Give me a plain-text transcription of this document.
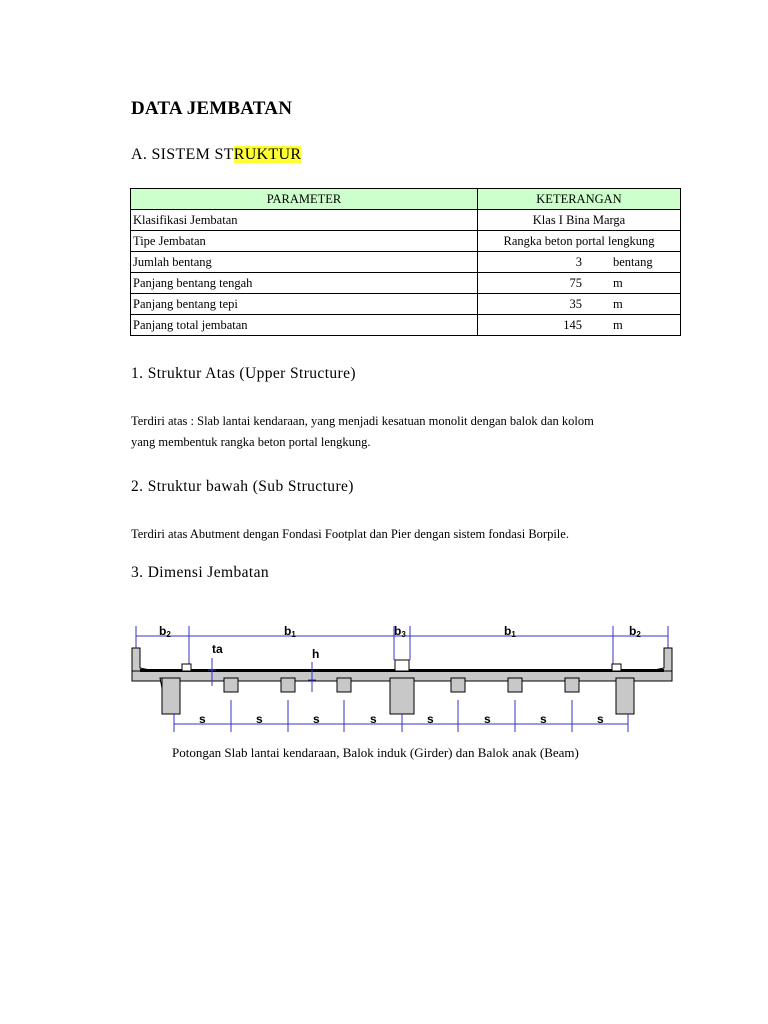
DATA JEMBATAN
A. SISTEM STRUKTUR
PARAMETER	KETERANGAN
Klasifikasi Jembatan	Klas I Bina Marga
Tipe Jembatan	Rangka beton portal lengkung
Jumlah bentang	3 bentang

Panjang bentang tengah	75 m

Panjang bentang tepi	35 m

Panjang total jembatan	145 m
1. Struktur Atas (Upper Structure)
Terdiri atas : Slab lantai kendaraan, yang menjadi kesatuan monolit dengan balok dan kolom
yang membentuk rangka beton portal lengkung.
2. Struktur bawah (Sub Structure)
Terdiri atas Abutment dengan Fondasi Footplat dan Pier dengan sistem fondasi Borpile.
3. Dimensi Jembatan
b2	b1	b3	b1	b2
ta	h
s	s	s	s	s	s	s	s
Potongan Slab lantai kendaraan, Balok induk (Girder) dan Balok anak (Beam)
